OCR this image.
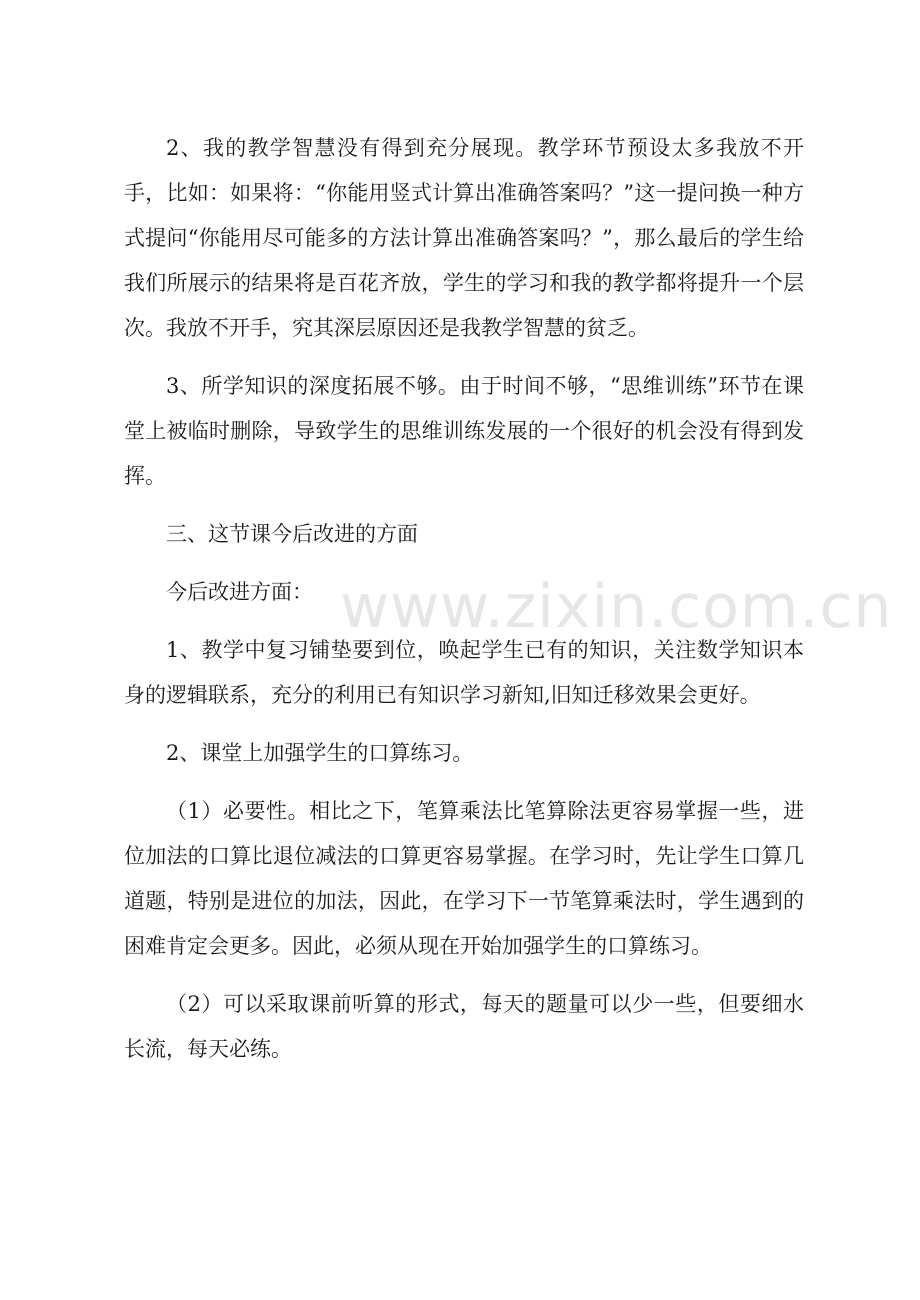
www.zixin.com.cn

2、我的教学智慧没有得到充分展现。教学环节预设太多我放不开手，比如：如果将：“你能用竖式计算出准确答案吗？”这一提问换一种方式提问“你能用尽可能多的方法计算出准确答案吗？”，那么最后的学生给我们所展示的结果将是百花齐放，学生的学习和我的教学都将提升一个层次。我放不开手，究其深层原因还是我教学智慧的贫乏。

3、所学知识的深度拓展不够。由于时间不够，“思维训练”环节在课堂上被临时删除，导致学生的思维训练发展的一个很好的机会没有得到发挥。

三、这节课今后改进的方面

今后改进方面：

1、教学中复习铺垫要到位，唤起学生已有的知识，关注数学知识本身的逻辑联系，充分的利用已有知识学习新知,旧知迁移效果会更好。

2、课堂上加强学生的口算练习。

（1）必要性。相比之下，笔算乘法比笔算除法更容易掌握一些，进位加法的口算比退位减法的口算更容易掌握。在学习时，先让学生口算几道题，特别是进位的加法，因此，在学习下一节笔算乘法时，学生遇到的困难肯定会更多。因此，必须从现在开始加强学生的口算练习。

（2）可以采取课前听算的形式，每天的题量可以少一些，但要细水长流，每天必练。
